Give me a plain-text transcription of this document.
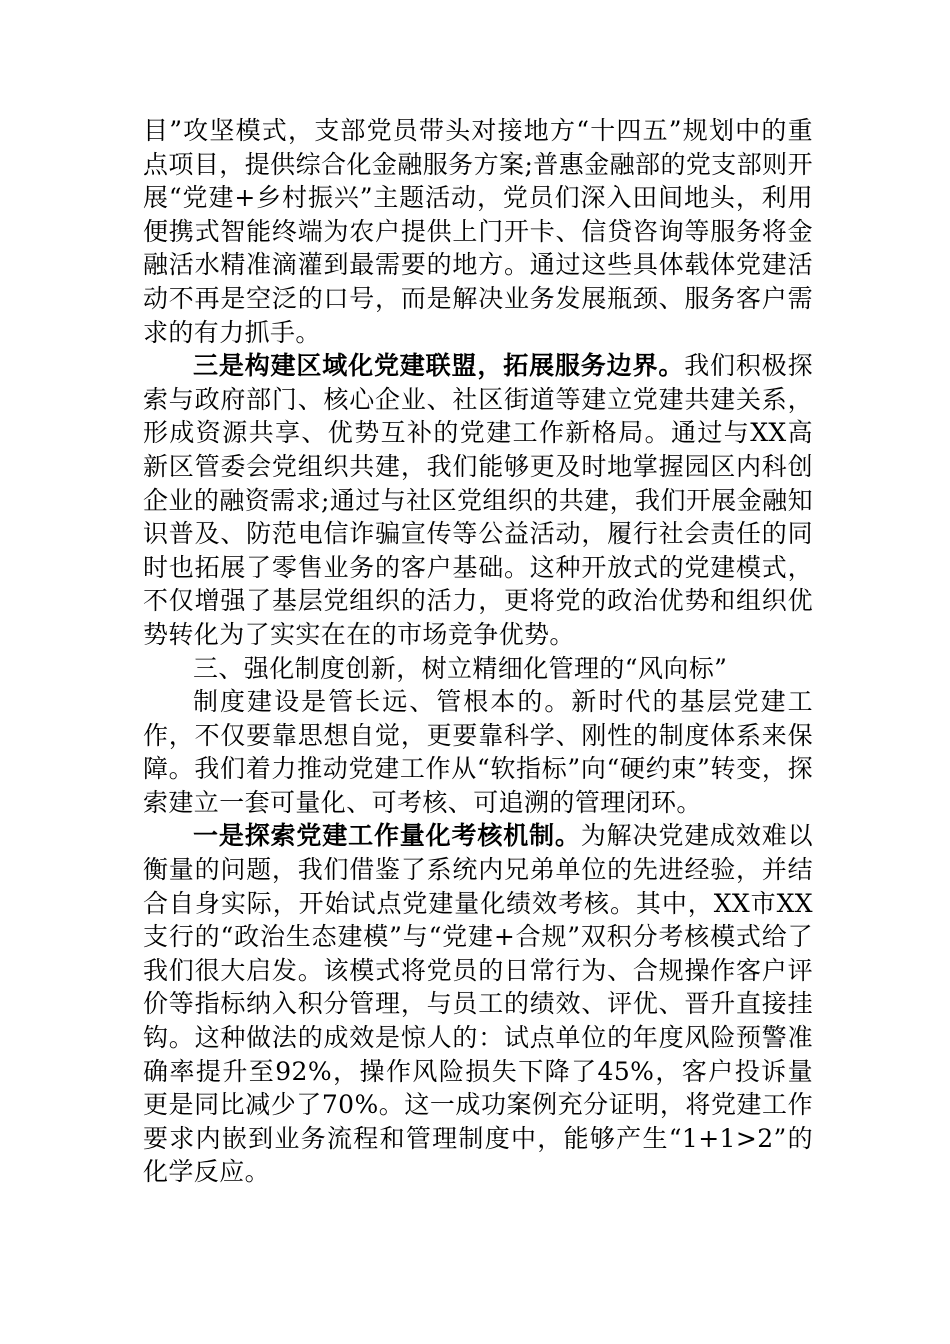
目”攻坚模式，支部党员带头对接地方“十四五”规划中的重点项目，提供综合化金融服务方案;普惠金融部的党支部则开展“党建+乡村振兴”主题活动，党员们深入田间地头，利用便携式智能终端为农户提供上门开卡、信贷咨询等服务将金融活水精准滴灌到最需要的地方。通过这些具体载体党建活动不再是空泛的口号，而是解决业务发展瓶颈、服务客户需求的有力抓手。

三是构建区域化党建联盟，拓展服务边界。我们积极探索与政府部门、核心企业、社区街道等建立党建共建关系，形成资源共享、优势互补的党建工作新格局。通过与XX高新区管委会党组织共建，我们能够更及时地掌握园区内科创企业的融资需求;通过与社区党组织的共建，我们开展金融知识普及、防范电信诈骗宣传等公益活动，履行社会责任的同时也拓展了零售业务的客户基础。这种开放式的党建模式，不仅增强了基层党组织的活力，更将党的政治优势和组织优势转化为了实实在在的市场竞争优势。

三、强化制度创新，树立精细化管理的“风向标”

制度建设是管长远、管根本的。新时代的基层党建工作，不仅要靠思想自觉，更要靠科学、刚性的制度体系来保障。我们着力推动党建工作从“软指标”向“硬约束”转变，探索建立一套可量化、可考核、可追溯的管理闭环。

一是探索党建工作量化考核机制。为解决党建成效难以衡量的问题，我们借鉴了系统内兄弟单位的先进经验，并结合自身实际，开始试点党建量化绩效考核。其中，XX市XX支行的“政治生态建模”与“党建+合规”双积分考核模式给了我们很大启发。该模式将党员的日常行为、合规操作客户评价等指标纳入积分管理，与员工的绩效、评优、晋升直接挂钩。这种做法的成效是惊人的：试点单位的年度风险预警准确率提升至92%，操作风险损失下降了45%，客户投诉量更是同比减少了70%。这一成功案例充分证明，将党建工作要求内嵌到业务流程和管理制度中，能够产生“1+1>2”的化学反应。
